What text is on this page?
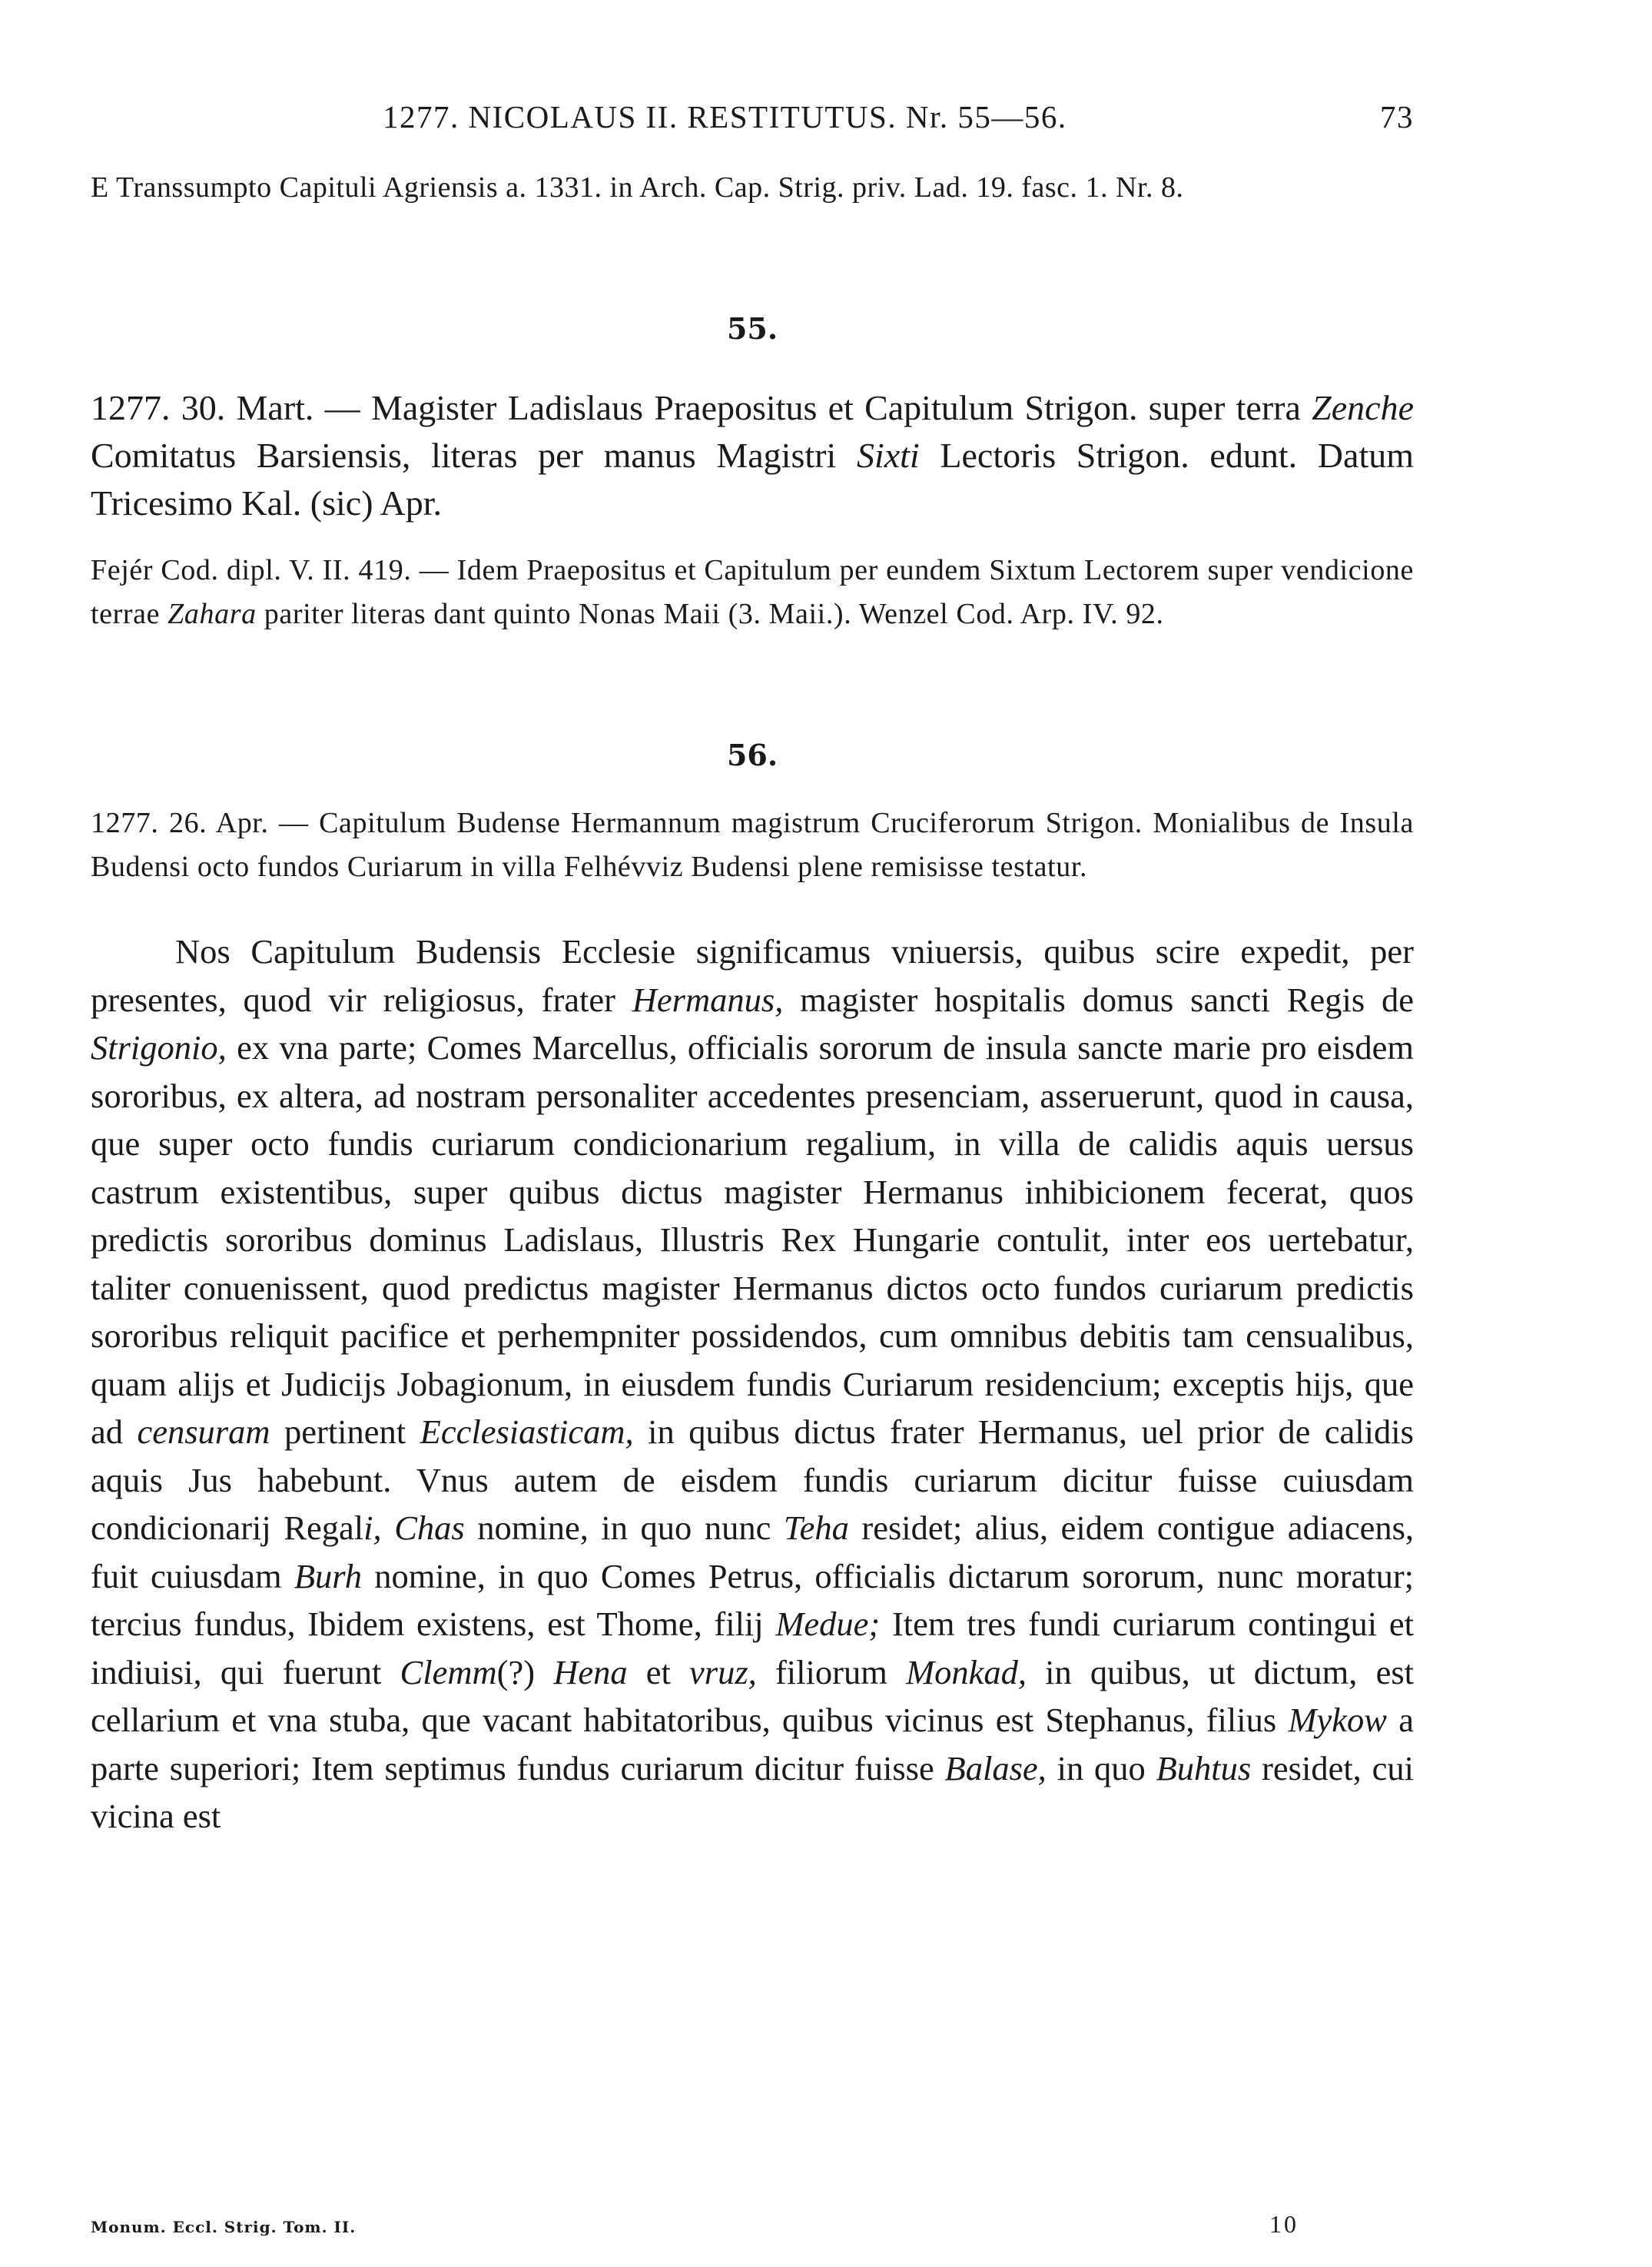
1277. NICOLAUS II. RESTITUTUS. Nr. 55—56.	73
E Transsumpto Capituli Agriensis a. 1331. in Arch. Cap. Strig. priv. Lad. 19. fasc. 1. Nr. 8.
55.
1277. 30. Mart. — Magister Ladislaus Praepositus et Capitulum Strigon. super terra Zenche Comitatus Barsiensis, literas per manus Magistri Sixti Lectoris Strigon. edunt. Datum Tricesimo Kal. (sic) Apr.
Fejér Cod. dipl. V. II. 419. — Idem Praepositus et Capitulum per eundem Sixtum Lectorem super vendicione terrae Zahara pariter literas dant quinto Nonas Maii (3. Maii.). Wenzel Cod. Arp. IV. 92.
56.
1277. 26. Apr. — Capitulum Budense Hermannum magistrum Cruciferorum Strigon. Monialibus de Insula Budensi octo fundos Curiarum in villa Felhévviz Budensi plene remisisse testatur.
Nos Capitulum Budensis Ecclesie significamus vniuersis, quibus scire expedit, per presentes, quod vir religiosus, frater Hermanus, magister hospitalis domus sancti Regis de Strigonio, ex vna parte; Comes Marcellus, officialis sororum de insula sancte marie pro eisdem sororibus, ex altera, ad nostram personaliter accedentes presenciam, asseruerunt, quod in causa, que super octo fundis curiarum condicionarium regalium, in villa de calidis aquis uersus castrum existentibus, super quibus dictus magister Hermanus inhibicionem fecerat, quos predictis sororibus dominus Ladislaus, Illustris Rex Hungarie contulit, inter eos uertebatur, taliter conuenissent, quod predictus magister Hermanus dictos octo fundos curiarum predictis sororibus reliquit pacifice et perhempniter possidendos, cum omnibus debitis tam censualibus, quam alijs et Judicijs Jobagionum, in eiusdem fundis Curiarum residencium; exceptis hijs, que ad censuram pertinent Ecclesiasticam, in quibus dictus frater Hermanus, uel prior de calidis aquis Jus habebunt. Vnus autem de eisdem fundis curiarum dicitur fuisse cuiusdam condicionarij Regali, Chas nomine, in quo nunc Teha residet; alius, eidem contigue adiacens, fuit cuiusdam Burh nomine, in quo Comes Petrus, officialis dictarum sororum, nunc moratur; tercius fundus, Ibidem existens, est Thome, filij Medue; Item tres fundi curiarum contingui et indiuisi, qui fuerunt Clemm(?) Hena et vruz, filiorum Monkad, in quibus, ut dictum, est cellarium et vna stuba, que vacant habitatoribus, quibus vicinus est Stephanus, filius Mykow a parte superiori; Item septimus fundus curiarum dicitur fuisse Balase, in quo Buhtus residet, cui vicina est
Monum. Eccl. Strig. Tom. II.	10
